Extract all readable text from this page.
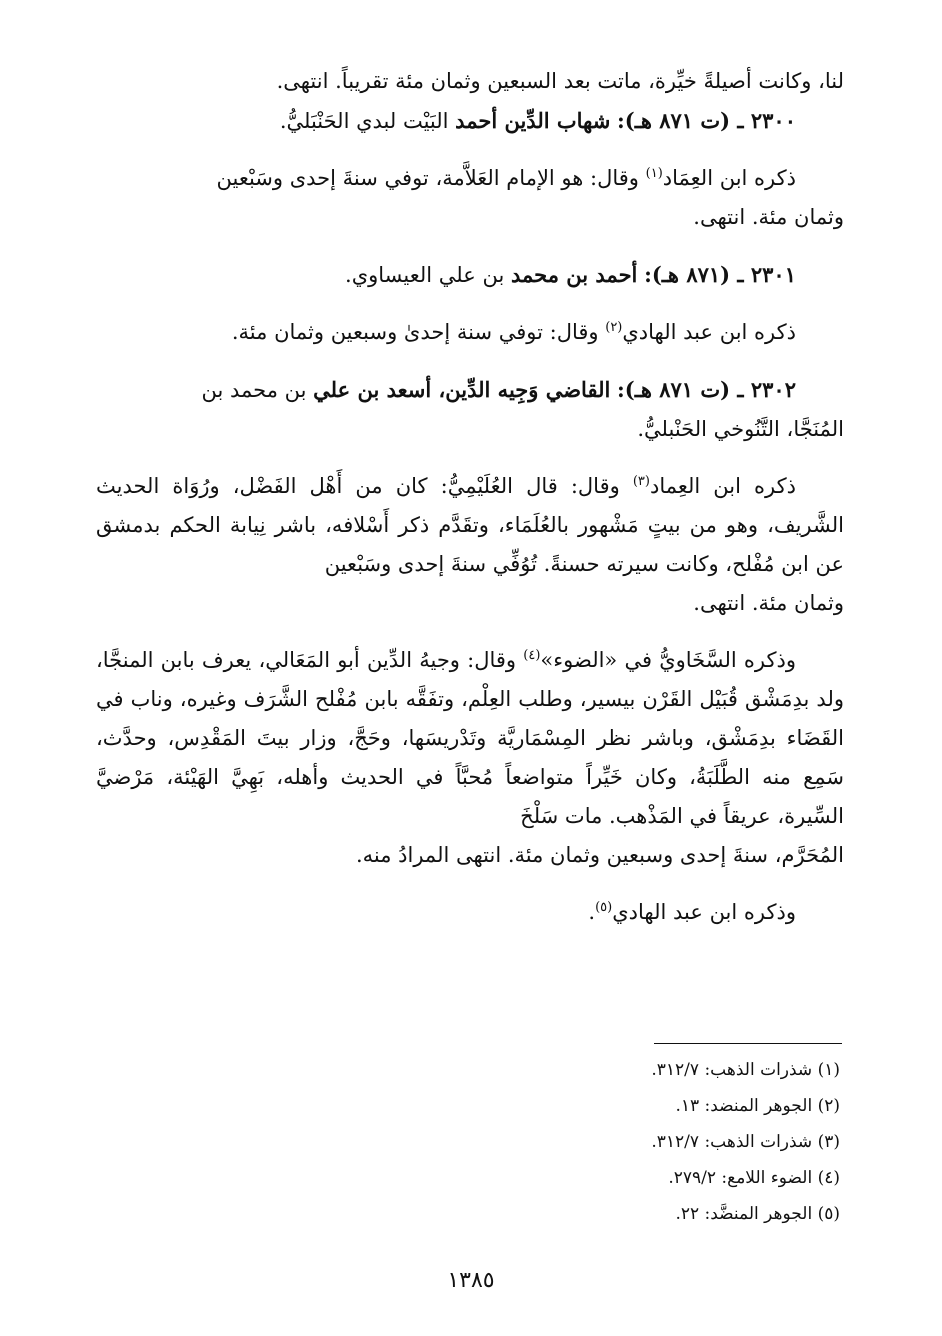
لنا، وكانت أصيلةً خيِّرة، ماتت بعد السبعين وثمان مئة تقريباً. انتهى.

٢٣٠٠ ـ (ت ٨٧١ هـ): شهاب الدِّين أحمد البَيْت لبدي الحَنْبَليُّ.

ذكره ابن العِمَاد$^{(١)}$ وقال: هو الإمام العَلاَّمة، توفي سنةَ إحدى وسَبْعين

وثمان مئة. انتهى.

٢٣٠١ ـ (٨٧١ هـ): أحمد بن محمد بن علي العيساوي.

ذكره ابن عبد الهادي$^{(٢)}$ وقال: توفي سنة إحدىٰ وسبعين وثمان مئة.

٢٣٠٢ ـ (ت ٨٧١ هـ): القاضي وَجِيه الدِّين، أسعد بن علي بن محمد بن

المُنَجَّا، التَّنُوخي الحَنْبليُّ.

ذكره ابن العِماد$^{(٣)}$ وقال: قال العُلَيْمِيُّ: كان من أَهْل الفَضْل، ورُوَاة الحديث الشَّريف، وهو من بيتٍ مَشْهور بالعُلَمَاء، وتقَدَّم ذكر أَسْلافه، باشر نِيابة الحكم بدمشق عن ابن مُفْلح، وكانت سيرته حسنةً. تُوُفِّي سنةَ إحدى وسَبْعين

وثمان مئة. انتهى.

وذكره السَّخَاويُّ في «الضوء»$^{(٤)}$ وقال: وجيهُ الدِّين أبو المَعَالي، يعرف بابن المنجَّا، ولد بدِمَشْق قُبَيْل القَرْن بيسير، وطلب العِلْم، وتفَقَّه بابن مُفْلح الشَّرَف وغيره، وناب في القَضَاء بدِمَشْق، وباشر نظر المِسْمَاريَّة وتَدْريسَها، وحَجَّ، وزار بيتَ المَقْدِس، وحدَّث، سَمِع منه الطَّلَبَةُ، وكان خَيِّراً متواضعاً مُحبَّاً في الحديث وأهله، بَهِيَّ الهَيْئة، مَرْضيَّ السِّيرة، عريقاً في المَذْهب. مات سَلْخَ

المُحَرَّم، سنةَ إحدى وسبعين وثمان مئة. انتهى المرادُ منه.

وذكره ابن عبد الهادي$^{(٥)}$.

(١) شذرات الذهب: ٣١٢/٧.
(٢) الجوهر المنضد: ١٣.
(٣) شذرات الذهب: ٣١٢/٧.
(٤) الضوء اللامع: ٢٧٩/٢.
(٥) الجوهر المنضَّد: ٢٢.
١٣٨٥
